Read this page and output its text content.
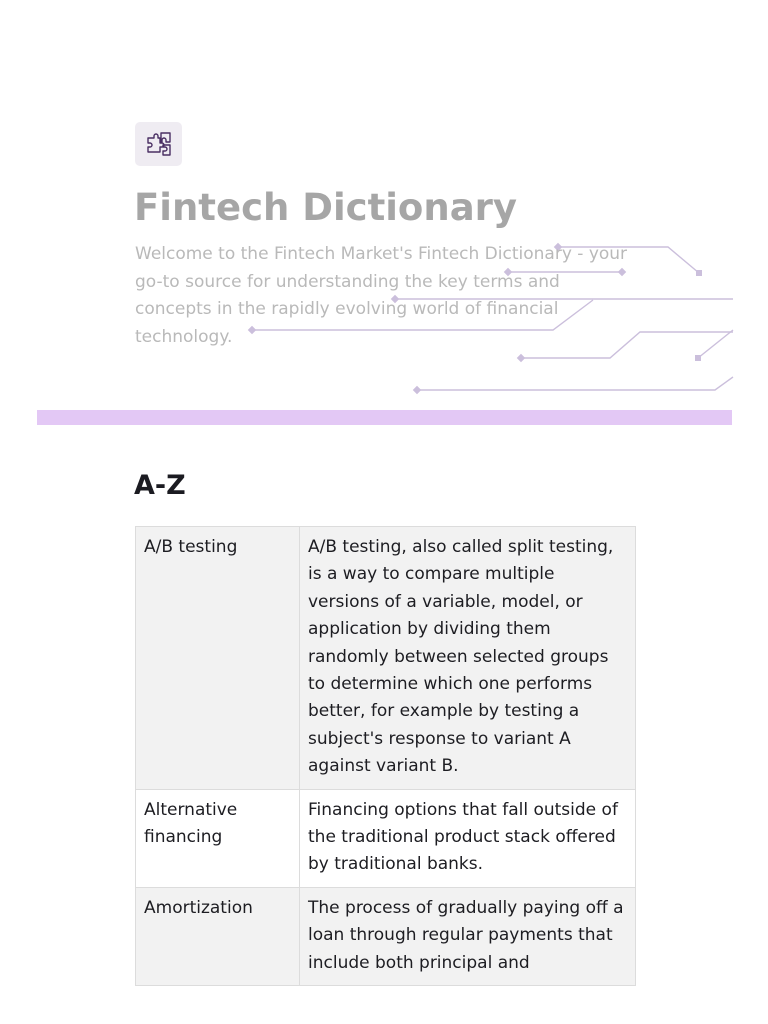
Fintech Dictionary

Welcome to the Fintech Market's Fintech Dictionary - your go-to source for understanding the key terms and concepts in the rapidly evolving world of financial technology.

A-Z
A/B testing	A/B testing, also called split testing, is a way to compare multiple versions of a variable, model, or application by dividing them randomly between selected groups to determine which one performs better, for example by testing a subject's response to variant A against variant B.
Alternative financing	Financing options that fall outside of the traditional product stack offered by traditional banks.
Amortization	The process of gradually paying off a loan through regular payments that include both principal and
